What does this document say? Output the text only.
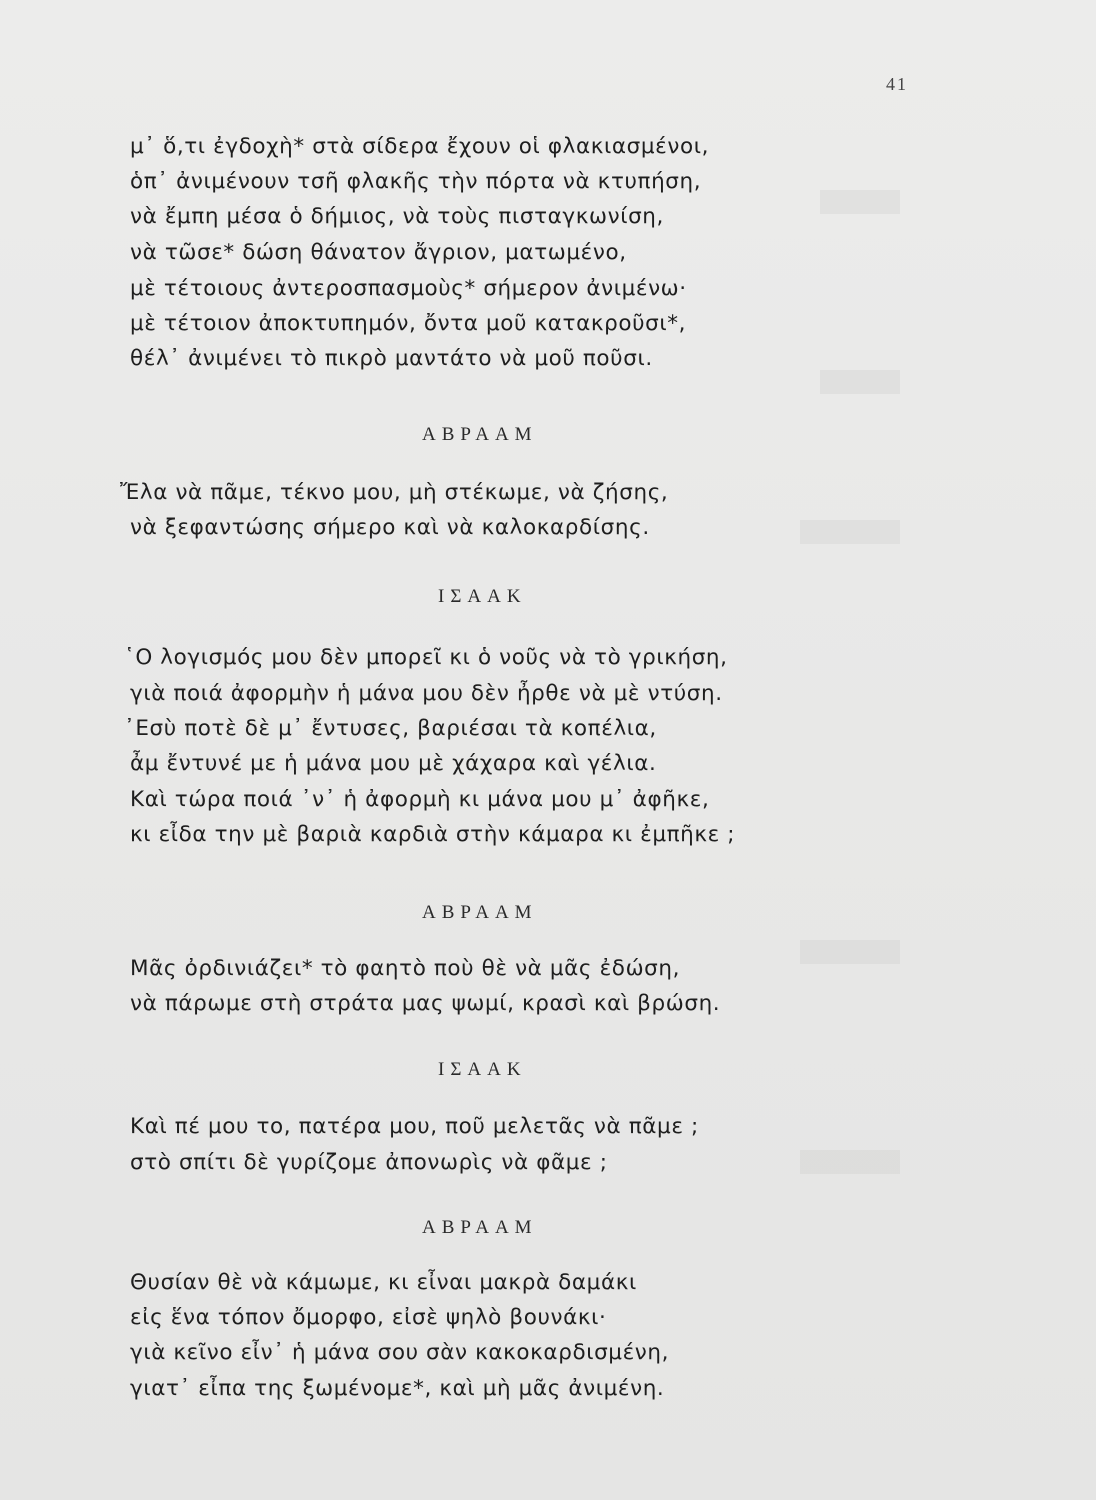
41
μ᾽ ὅ,τι ἐγδοχὴ* στὰ σίδερα ἔχουν οἱ φλακιασμένοι,
ὁπ᾽ ἀνιμένουν τσῆ φλακῆς τὴν πόρτα νὰ κτυπήση,
νὰ ἔμπη μέσα ὁ δήμιος, νὰ τοὺς πισταγκωνίση,
νὰ τῶσε* δώση θάνατον ἄγριον, ματωμένο,
μὲ τέτοιους ἀντεροσπασμοὺς* σήμερον ἀνιμένω·
μὲ τέτοιον ἀποκτυπημόν, ὄντα μοῦ κατακροῦσι*,
θέλ᾽ ἀνιμένει τὸ πικρὸ μαντάτο νὰ μοῦ ποῦσι.
ΑΒΡΑΑΜ
Ἔλα νὰ πᾶμε, τέκνο μου, μὴ στέκωμε, νὰ ζήσης,
νὰ ξεφαντώσης σήμερο καὶ νὰ καλοκαρδίσης.
ΙΣΑΑΚ
῾Ο λογισμός μου δὲν μπορεῖ κι ὁ νοῦς νὰ τὸ γρικήση,
γιὰ ποιά ἀφορμὴν ἡ μάνα μου δὲν ἦρθε νὰ μὲ ντύση.
᾽Εσὺ ποτὲ δὲ μ᾽ ἔντυσες, βαριέσαι τὰ κοπέλια,
ἆμ ἔντυνέ με ἡ μάνα μου μὲ χάχαρα καὶ γέλια.
Καὶ τώρα ποιά ᾽ν᾽ ἡ ἀφορμὴ κι μάνα μου μ᾽ ἀφῆκε,
κι εἶδα την μὲ βαριὰ καρδιὰ στὴν κάμαρα κι ἐμπῆκε ;
ΑΒΡΑΑΜ
Μᾶς ὀρδινιάζει* τὸ φαητὸ ποὺ θὲ νὰ μᾶς ἐδώση,
νὰ πάρωμε στὴ στράτα μας ψωμί, κρασὶ καὶ βρώση.
ΙΣΑΑΚ
Καὶ πέ μου το, πατέρα μου, ποῦ μελετᾶς νὰ πᾶμε ;
στὸ σπίτι δὲ γυρίζομε ἀπονωρὶς νὰ φᾶμε ;
ΑΒΡΑΑΜ
Θυσίαν θὲ νὰ κάμωμε, κι εἶναι μακρὰ δαμάκι
εἰς ἕνα τόπον ὄμορφο, εἰσὲ ψηλὸ βουνάκι·
γιὰ κεῖνο εἶν᾽ ἡ μάνα σου σὰν κακοκαρδισμένη,
γιατ᾽ εἶπα της ξωμένομε*, καὶ μὴ μᾶς ἀνιμένη.
